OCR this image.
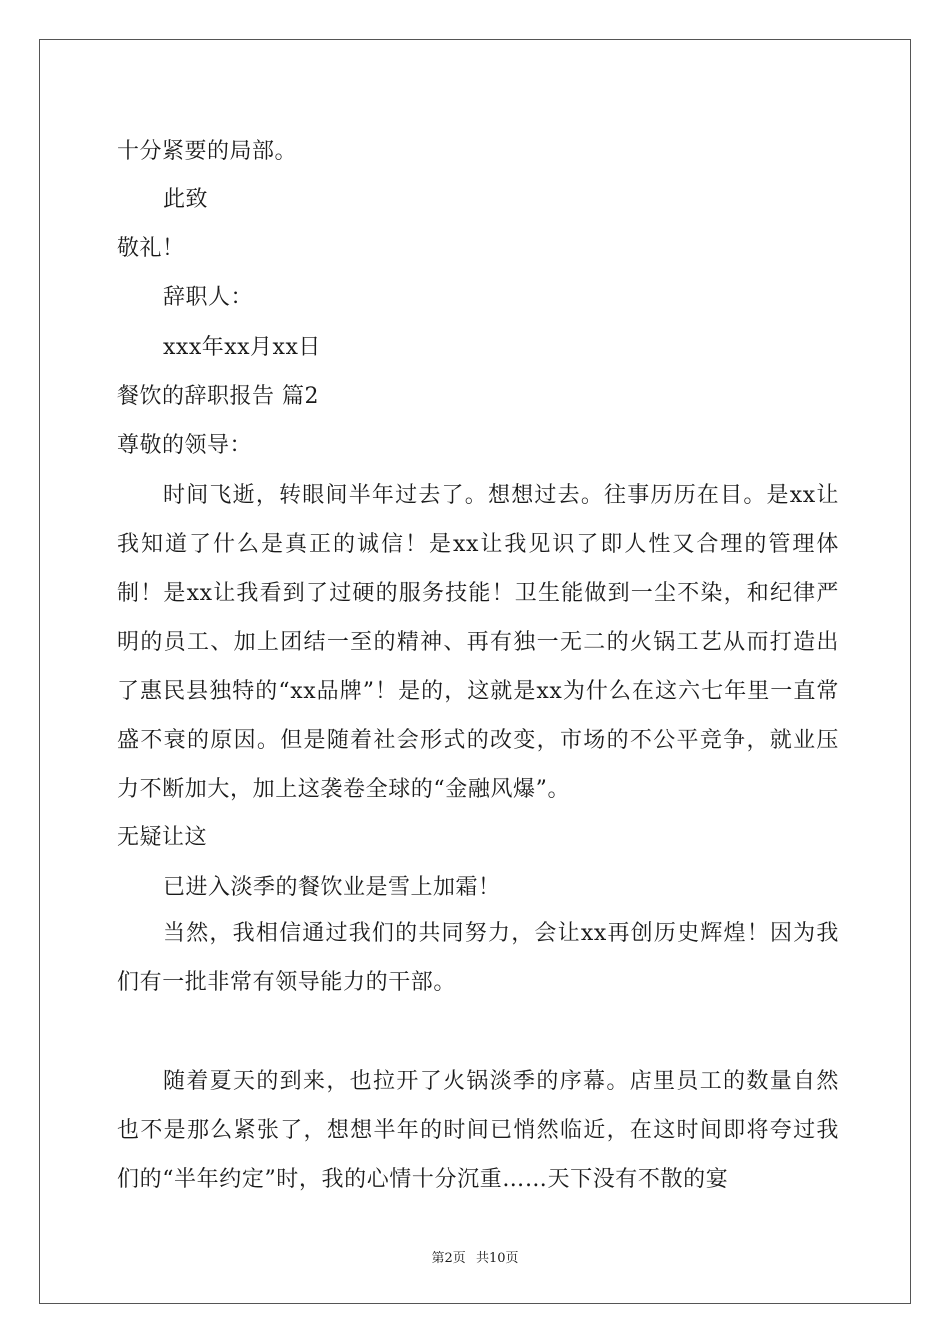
十分紧要的局部。
此致
敬礼！
辞职人：
xxx年xx月xx日
餐饮的辞职报告 篇2
尊敬的领导：
时间飞逝，转眼间半年过去了。想想过去。往事历历在目。是xx让我知道了什么是真正的诚信！是xx让我见识了即人性又合理的管理体制！是xx让我看到了过硬的服务技能！卫生能做到一尘不染，和纪律严明的员工、加上团结一至的精神、再有独一无二的火锅工艺从而打造出了惠民县独特的“xx品牌”！是的，这就是xx为什么在这六七年里一直常盛不衰的原因。但是随着社会形式的改变，市场的不公平竞争，就业压力不断加大，加上这袭卷全球的“金融风爆”。
无疑让这
已进入淡季的餐饮业是雪上加霜！
当然，我相信通过我们的共同努力，会让xx再创历史辉煌！因为我们有一批非常有领导能力的干部。
随着夏天的到来，也拉开了火锅淡季的序幕。店里员工的数量自然也不是那么紧张了，想想半年的时间已悄然临近，在这时间即将夸过我们的“半年约定”时，我的心情十分沉重……天下没有不散的宴
第2页 共10页
